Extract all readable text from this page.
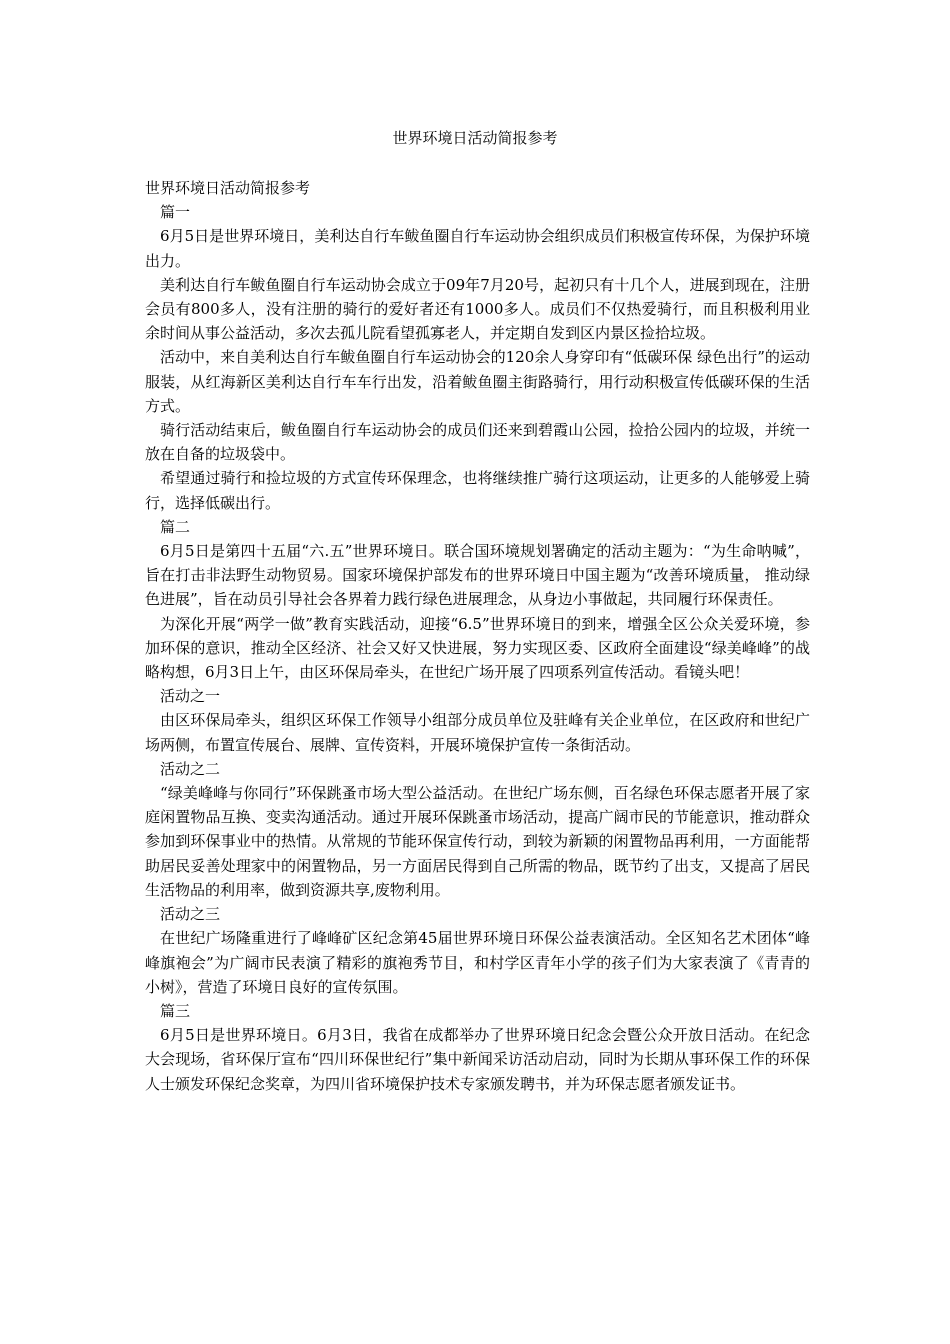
世界环境日活动简报参考

世界环境日活动简报参考

篇一

6月5日是世界环境日，美利达自行车鲅鱼圈自行车运动协会组织成员们积极宣传环保，为保护环境出力。

美利达自行车鲅鱼圈自行车运动协会成立于09年7月20号，起初只有十几个人，进展到现在，注册会员有800多人，没有注册的骑行的爱好者还有1000多人。成员们不仅热爱骑行，而且积极利用业余时间从事公益活动，多次去孤儿院看望孤寡老人，并定期自发到区内景区捡拾垃圾。

活动中，来自美利达自行车鲅鱼圈自行车运动协会的120余人身穿印有“低碳环保 绿色出行”的运动服装，从红海新区美利达自行车车行出发，沿着鲅鱼圈主街路骑行，用行动积极宣传低碳环保的生活方式。

骑行活动结束后，鲅鱼圈自行车运动协会的成员们还来到碧霞山公园，捡拾公园内的垃圾，并统一放在自备的垃圾袋中。

希望通过骑行和捡垃圾的方式宣传环保理念，也将继续推广骑行这项运动，让更多的人能够爱上骑行，选择低碳出行。

篇二

6月5日是第四十五届“六.五”世界环境日。联合国环境规划署确定的活动主题为：“为生命呐喊”，旨在打击非法野生动物贸易。国家环境保护部发布的世界环境日中国主题为“改善环境质量， 推动绿色进展”，旨在动员引导社会各界着力践行绿色进展理念，从身边小事做起，共同履行环保责任。

为深化开展“两学一做”教育实践活动，迎接“6.5”世界环境日的到来，增强全区公众关爱环境，参加环保的意识，推动全区经济、社会又好又快进展，努力实现区委、区政府全面建设“绿美峰峰”的战略构想，6月3日上午，由区环保局牵头，在世纪广场开展了四项系列宣传活动。看镜头吧！

活动之一

由区环保局牵头，组织区环保工作领导小组部分成员单位及驻峰有关企业单位，在区政府和世纪广场两侧，布置宣传展台、展牌、宣传资料，开展环境保护宣传一条街活动。

活动之二

“绿美峰峰与你同行”环保跳蚤市场大型公益活动。在世纪广场东侧，百名绿色环保志愿者开展了家庭闲置物品互换、变卖沟通活动。通过开展环保跳蚤市场活动，提高广阔市民的节能意识，推动群众参加到环保事业中的热情。从常规的节能环保宣传行动，到较为新颖的闲置物品再利用，一方面能帮助居民妥善处理家中的闲置物品，另一方面居民得到自己所需的物品，既节约了出支，又提高了居民生活物品的利用率，做到资源共享,废物利用。

活动之三

在世纪广场隆重进行了峰峰矿区纪念第45届世界环境日环保公益表演活动。全区知名艺术团体“峰峰旗袍会”为广阔市民表演了精彩的旗袍秀节目，和村学区青年小学的孩子们为大家表演了《青青的小树》，营造了环境日良好的宣传氛围。

篇三

6月5日是世界环境日。6月3日，我省在成都举办了世界环境日纪念会暨公众开放日活动。在纪念大会现场，省环保厅宣布“四川环保世纪行”集中新闻采访活动启动，同时为长期从事环保工作的环保人士颁发环保纪念奖章，为四川省环境保护技术专家颁发聘书，并为环保志愿者颁发证书。
